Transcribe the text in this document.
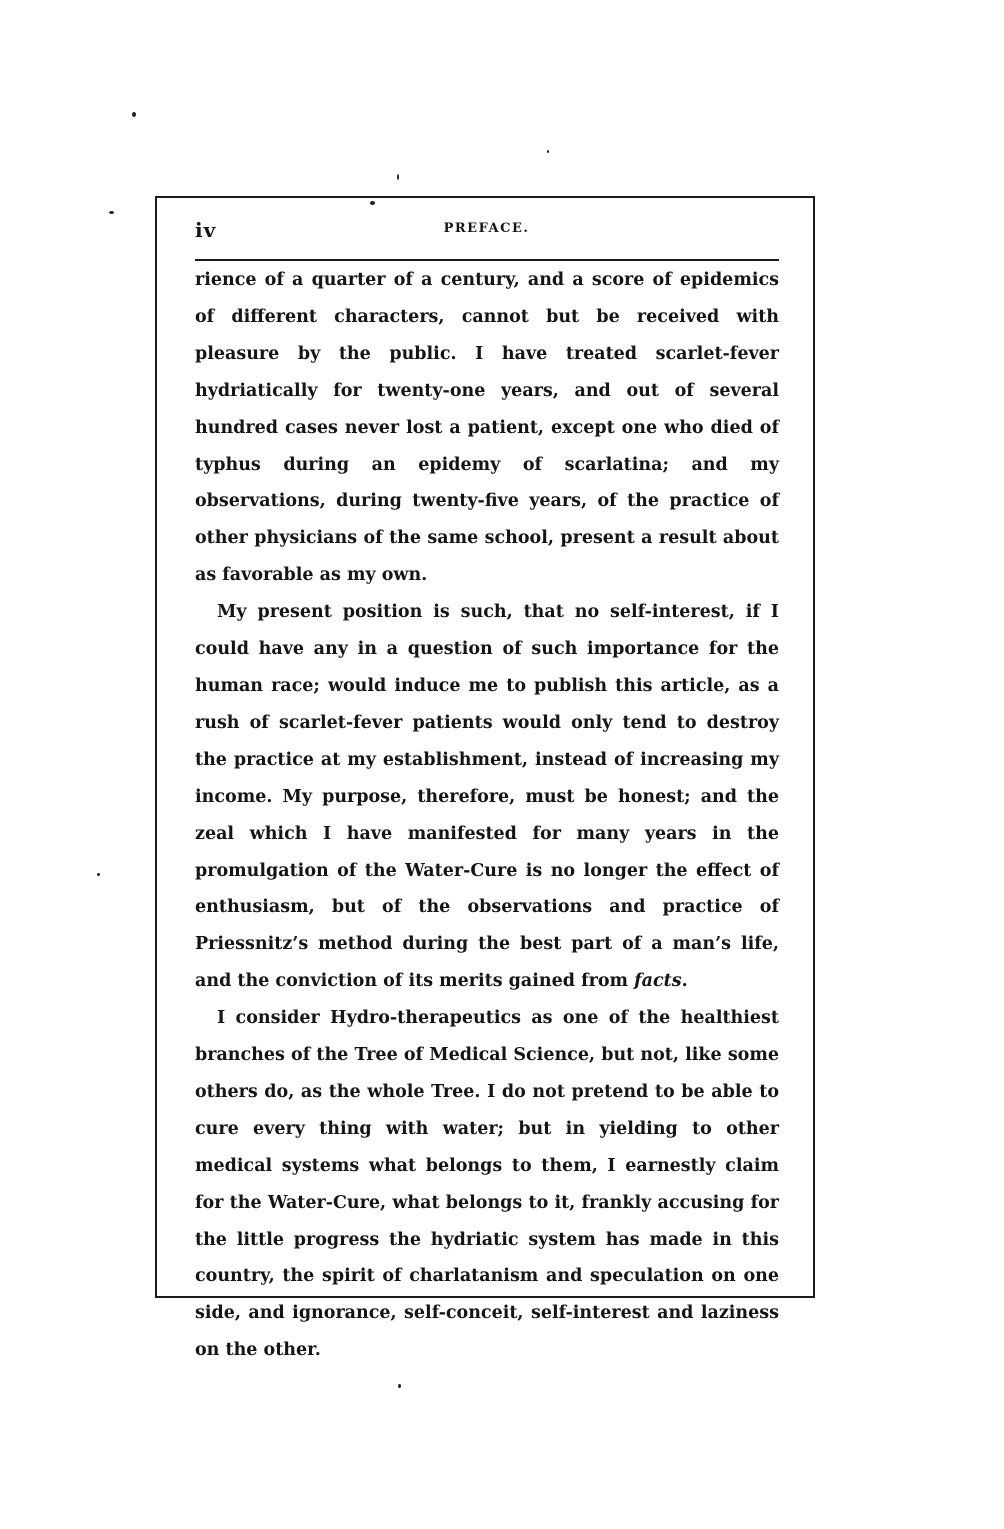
iv	PREFACE.

rience of a quarter of a century, and a score of epidemics of different characters, cannot but be received with pleasure by the public. I have treated scarlet-fever hydriatically for twenty-one years, and out of several hundred cases never lost a patient, except one who died of typhus during an epidemy of scarlatina; and my observations, during twenty-five years, of the practice of other physicians of the same school, present a result about as favorable as my own.

My present position is such, that no self-interest, if I could have any in a question of such importance for the human race; would induce me to publish this article, as a rush of scarlet-fever patients would only tend to destroy the practice at my establishment, instead of increasing my income. My purpose, therefore, must be honest; and the zeal which I have manifested for many years in the promulgation of the Water-Cure is no longer the effect of enthusiasm, but of the observations and practice of Priessnitz’s method during the best part of a man’s life, and the conviction of its merits gained from facts.

I consider Hydro-therapeutics as one of the healthiest branches of the Tree of Medical Science, but not, like some others do, as the whole Tree. I do not pretend to be able to cure every thing with water; but in yielding to other medical systems what belongs to them, I earnestly claim for the Water-Cure, what belongs to it, frankly accusing for the little progress the hydriatic system has made in this country, the spirit of charlatanism and speculation on one side, and ignorance, self-conceit, self-interest and laziness on the other.
